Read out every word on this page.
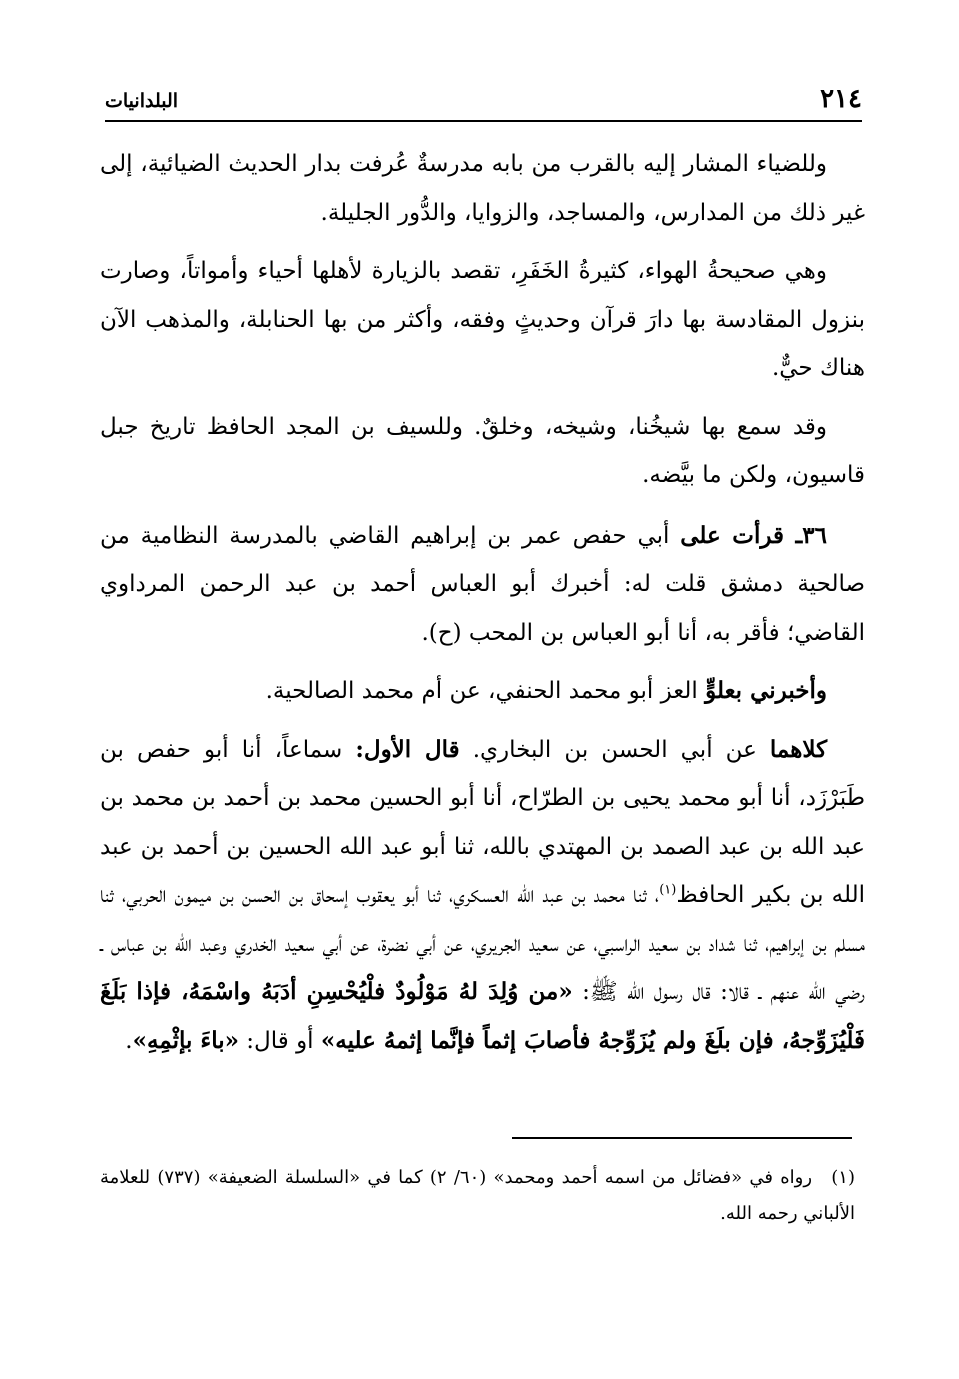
٢١٤
البلدانيات

وللضياء المشار إليه بالقرب من بابه مدرسةٌ عُرفت بدار الحديث الضيائية، إلى غير ذلك من المدارس، والمساجد، والزوايا، والدُّور الجليلة.

وهي صحيحةُ الهواء، كثيرةُ الخَفَرِ، تقصد بالزيارة لأهلها أحياء وأمواتاً، وصارت بنزول المقادسة بها دارَ قرآن وحديثٍ وفقه، وأكثر من بها الحنابلة، والمذهب الآن هناك حيٌّ.

وقد سمع بها شيخُنا، وشيخه، وخلقٌ. وللسيف بن المجد الحافظ تاريخ جبل قاسيون، ولكن ما بيَّضه.

٣٦ـ قرأت على أبي حفص عمر بن إبراهيم القاضي بالمدرسة النظامية من صالحية دمشق قلت له: أخبرك أبو العباس أحمد بن عبد الرحمن المرداوي القاضي؛ فأقر به، أنا أبو العباس بن المحب (ح).

وأخبرني بعلوٍّ العز أبو محمد الحنفي، عن أم محمد الصالحية.

كلاهما عن أبي الحسن بن البخاري. قال الأول: سماعاً، أنا أبو حفص بن طَبَرْزَد، أنا أبو محمد يحيى بن الطرّاح، أنا أبو الحسين محمد بن أحمد بن محمد بن عبد الله بن عبد الصمد بن المهتدي بالله، ثنا أبو عبد الله الحسين بن أحمد بن عبد الله بن بكير الحافظ$^{(١)}$، ثنا محمد بن عبد الله العسكري، ثنا أبو يعقوب إسحاق بن الحسن بن ميمون الحربي، ثنا مسلم بن إبراهيم، ثنا شداد بن سعيد الراسبي، عن سعيد الجريري، عن أبي نضرة، عن أبي سعيد الخدري وعبد الله بن عباس ـ رضي الله عنهم ـ قالا: قال رسول الله ﷺ: «من وُلِدَ لهُ مَوْلُودٌ فلْيُحْسِنِ أدَبَهُ واسْمَهُ، فإذا بَلَغَ فَلْيُزَوِّجهُ، فإن بلَغَ ولم يُزَوِّجهُ فأصابَ إثماً فإنَّما إثمهُ عليه» أو قال: «باءَ بإثْمِهِ».

(١) رواه في «فضائل من اسمه أحمد ومحمد» (٦٠/ ٢) كما في «السلسلة الضعيفة» (٧٣٧) للعلامة الألباني رحمه الله.
